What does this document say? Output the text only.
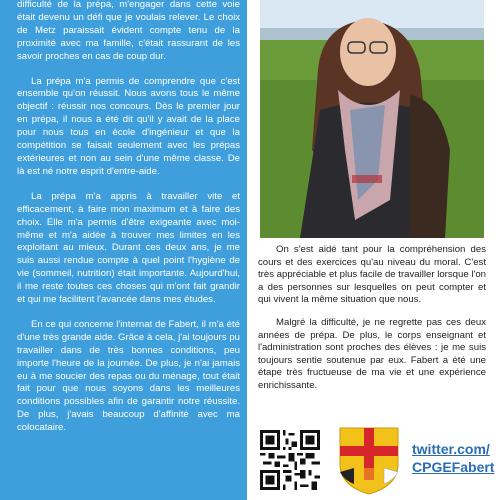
difficulté de la prépa, m'engager dans cette voie était devenu un défi que je voulais relever. Le choix de Metz paraissait évident compte tenu de la proximité avec ma famille, c'était rassurant de les savoir proches en cas de coup dur.

La prépa m'a permis de comprendre que c'est ensemble qu'on réussit. Nous avons tous le même objectif : réussir nos concours. Dès le premier jour en prépa, il nous a été dit qu'il y avait de la place pour nous tous en école d'ingénieur et que la compétition se faisait seulement avec les prépas extérieures et non au sein d'une même classe. De là est né notre esprit d'entre-aide.

La prépa m'a appris à travailler vite et efficacement, à faire mon maximum et à faire des choix. Elle m'a permis d'être exigeante avec moi-même et m'a aidée à trouver mes limites en les exploitant au mieux. Durant ces deux ans, je me suis aussi rendue compte à quel point l'hygiène de vie (sommeil, nutrition) était importante. Aujourd'hui, il me reste toutes ces choses qui m'ont fait grandir et qui me facilitent l'avancée dans mes études.

En ce qui concerne l'internat de Fabert, il m'a été d'une très grande aide. Grâce à cela, j'ai toujours pu travailler dans de très bonnes conditions, peu importe l'heure de la journée. De plus, je n'ai jamais eu à me soucier des repas ou du ménage, tout était fait pour que nous soyons dans les meilleures conditions possibles afin de garantir notre réussite. De plus, j'avais beaucoup d'affinité avec ma colocataire.

On s'est aidé tant pour la compréhension des cours et des exercices qu'au niveau du moral. C'est très appréciable et plus facile de travailler lorsque l'on a des personnes sur lesquelles on peut compter et qui vivent la même situation que nous.

Malgré la difficulté, je ne regrette pas ces deux années de prépa. De plus, le corps enseignant et l'administration sont proches des élèves : je me suis toujours sentie soutenue par eux. Fabert a été une étape très fructueuse de ma vie et une expérience enrichissante.

twitter.com/
CPGEFabert
